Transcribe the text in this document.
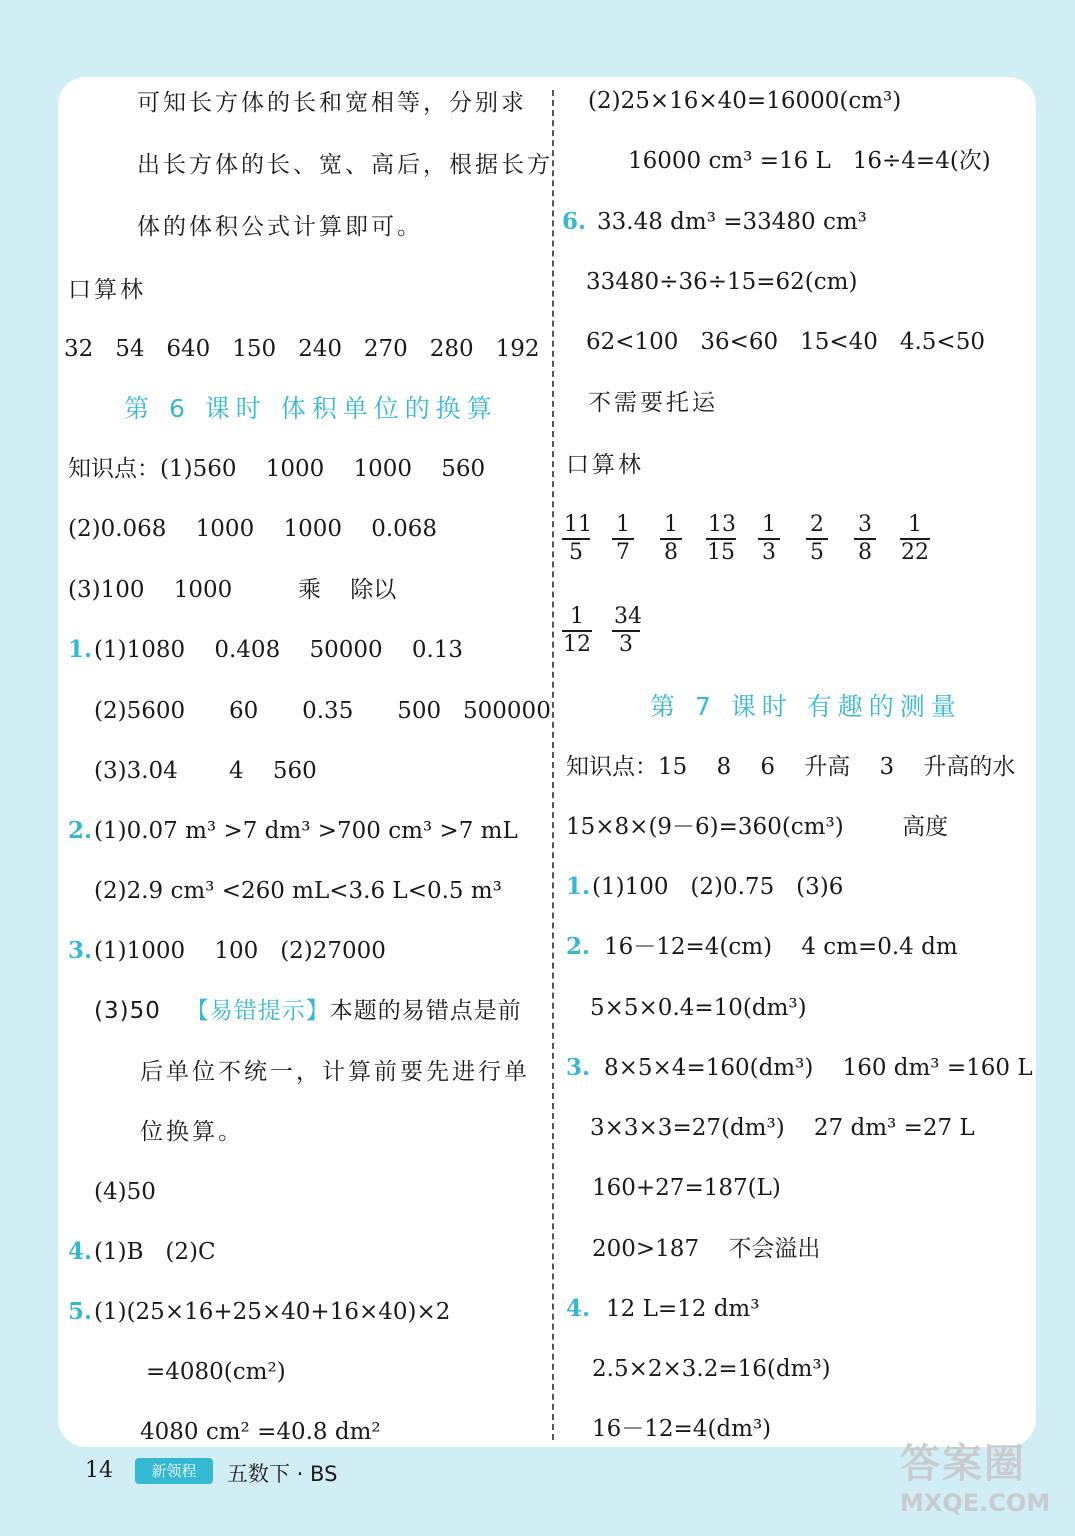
可知长方体的长和宽相等，分别求
出长方体的长、宽、高后，根据长方
体的体积公式计算即可。
口算林
32   54   640   150   240   270   280   192
第 6 课时 体积单位的换算
知识点：(1)560    1000    1000    560
(2)0.068    1000    1000    0.068
(3)100    1000         乘    除以
1. (1)1080    0.408    50000    0.13
(2)5600      60      0.35      500   500000
(3)3.04       4    560
2. (1)0.07 m³ >7 dm³ >700 cm³ >7 mL
(2)2.9 cm³ <260 mL<3.6 L<0.5 m³
3. (1)1000    100   (2)27000
(3)50   【易错提示】本题的易错点是前
后单位不统一，计算前要先进行单
位换算。
(4)50
4. (1)B   (2)C
5. (1)(25×16+25×40+16×40)×2
=4080(cm²)
4080 cm² =40.8 dm²
(2)25×16×40=16000(cm³)
16000 cm³ =16 L   16÷4=4(次)
6. 33.48 dm³ =33480 cm³
33480÷36÷15=62(cm)
62<100   36<60   15<40   4.5<50
不需要托运
口算林
$\frac{11}{5} \frac{1}{7} \frac{1}{8} \frac{13}{15} \frac{1}{3} \frac{2}{5} \frac{3}{8} \frac{1}{22}$
$\frac{1}{12} \frac{34}{3}$
第 7 课时 有趣的测量
知识点：15    8    6    升高    3    升高的水
15×8×(9－6)=360(cm³)        高度
1. (1)100   (2)0.75   (3)6
2. 16－12=4(cm)    4 cm=0.4 dm
5×5×0.4=10(dm³)
3. 8×5×4=160(dm³)    160 dm³ =160 L
3×3×3=27(dm³)    27 dm³ =27 L
160+27=187(L)
200>187    不会溢出
4. 12 L=12 dm³
2.5×2×3.2=16(dm³)
16－12=4(dm³)
14	新领程	五数下 · BS	答案圈
MXQE.COM
